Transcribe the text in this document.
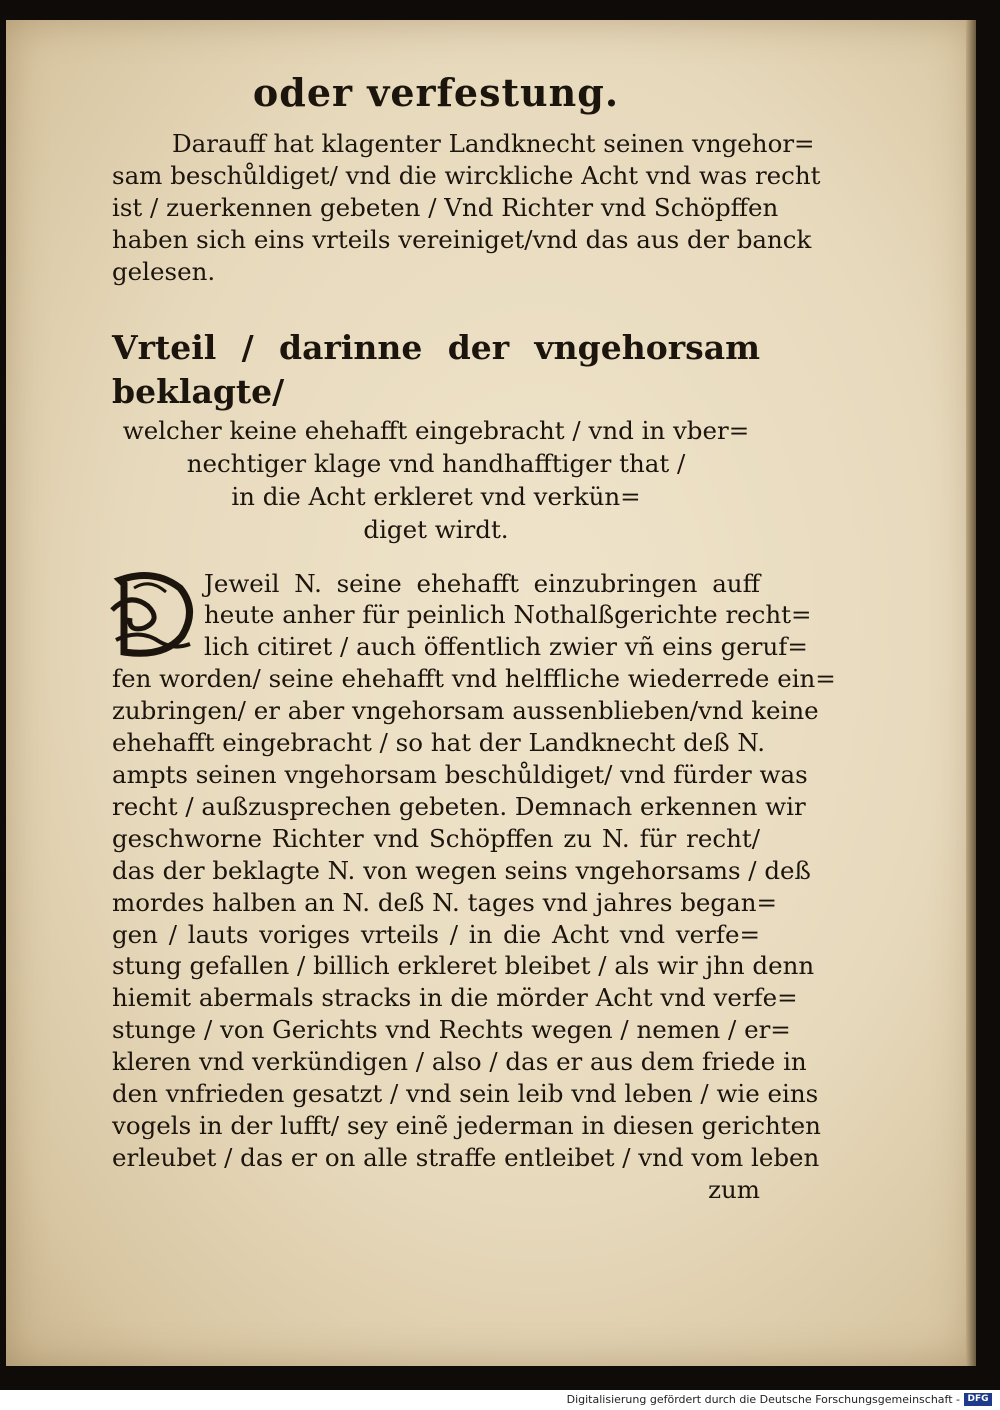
oder verfestung.
Darauff hat klagenter Landknecht seinen vngehor=
sam beschůldiget/ vnd die wirckliche Acht vnd was recht
ist / zuerkennen gebeten / Vnd Richter vnd Schöpffen
haben sich eins vrteils vereiniget/vnd das aus der banck
gelesen.
Vrteil / darinne der vngehorsam beklagte/
welcher keine ehehafft eingebracht / vnd in vber=
nechtiger klage vnd handhafftiger that /
in die Acht erkleret vnd verkün=
diget wirdt.
D
Jeweil N. seine ehehafft einzubringen auff
heute anher für peinlich Nothalßgerichte recht=
lich citiret / auch öffentlich zwier vñ eins geruf=
fen worden/ seine ehehafft vnd helffliche wiederrede ein=
zubringen/ er aber vngehorsam aussenblieben/vnd keine
ehehafft eingebracht / so hat der Landknecht deß N.
ampts seinen vngehorsam beschůldiget/ vnd fürder was
recht / außzusprechen gebeten. Demnach erkennen wir
geschworne Richter vnd Schöpffen zu N. für recht/
das der beklagte N. von wegen seins vngehorsams / deß
mordes halben an N. deß N. tages vnd jahres began=
gen / lauts voriges vrteils / in die Acht vnd verfe=
stung gefallen / billich erkleret bleibet / als wir jhn denn
hiemit abermals stracks in die mörder Acht vnd verfe=
stunge / von Gerichts vnd Rechts wegen / nemen / er=
kleren vnd verkündigen / also / das er aus dem friede in
den vnfrieden gesatzt / vnd sein leib vnd leben / wie eins
vogels in der lufft/ sey einẽ jederman in diesen gerichten
erleubet / das er on alle straffe entleibet / vnd vom leben
zum
Digitalisierung gefördert durch die Deutsche Forschungsgemeinschaft - DFG
